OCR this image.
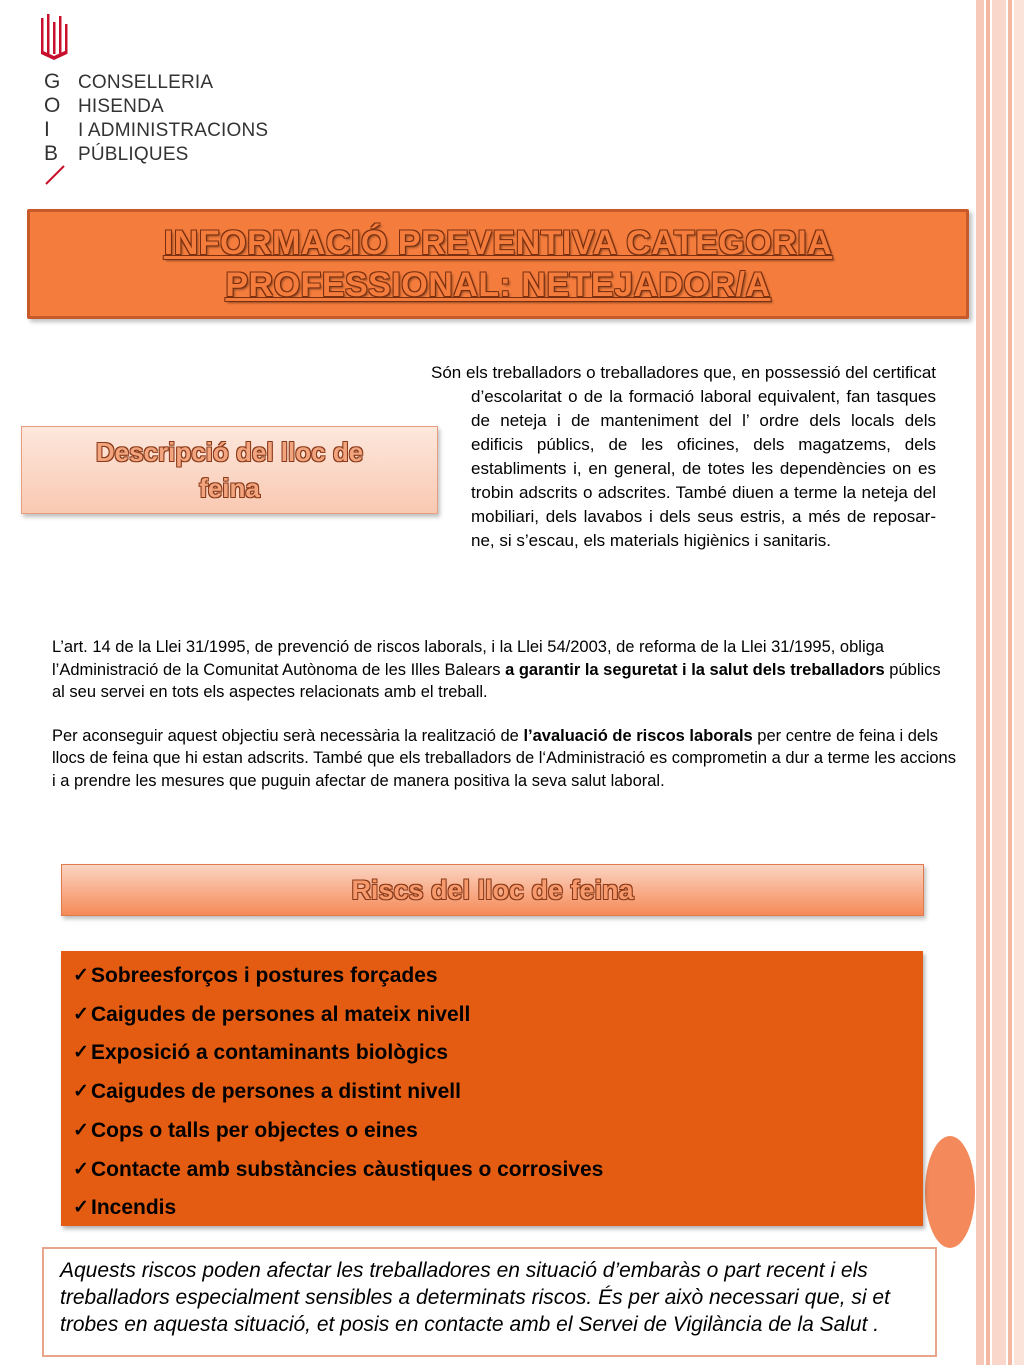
G
O
I
B
CONSELLERIA
HISENDA
I ADMINISTRACIONS
PÚBLIQUES
INFORMACIÓ PREVENTIVA CATEGORIA
PROFESSIONAL: NETEJADOR/A
Descripció del lloc de
feina
Són els treballadors o treballadores que, en possessió del certificat d’escolaritat o de la formació laboral equivalent, fan tasques de neteja i de manteniment del l’ ordre dels locals dels edificis públics, de les oficines, dels magatzems, dels establiments i, en general, de totes les dependències on es trobin adscrits o adscrites. També diuen a terme la neteja del mobiliari, dels lavabos i dels seus estris, a més de reposar-ne, si s’escau, els materials higiènics i sanitaris.

L’art. 14 de la Llei 31/1995, de prevenció de riscos laborals, i la Llei 54/2003, de reforma de la Llei 31/1995, obliga l’Administració de la Comunitat Autònoma de les Illes Balears a garantir la seguretat i la salut dels treballadors públics al seu servei en tots els aspectes relacionats amb el treball.

Per aconseguir aquest objectiu serà necessària la realització de l’avaluació de riscos laborals per centre de feina i dels llocs de feina que hi estan adscrits. També que els treballadors de l‘Administració es comprometin a dur a terme les accions i a prendre les mesures que puguin afectar de manera positiva la seva salut laboral.

Riscs del lloc de feina
✓ Sobreesforços i postures forçades
✓ Caigudes de persones al mateix nivell
✓ Exposició a contaminants biològics
✓ Caigudes de persones a distint nivell
✓ Cops o talls per objectes o eines
✓ Contacte amb substàncies càustiques o corrosives
✓ Incendis
Aquests riscos poden afectar les treballadores en situació d’embaràs o part recent i els treballadors especialment sensibles a determinats riscos. És per això necessari que, si et trobes en aquesta situació, et posis en contacte amb el Servei de Vigilància de la Salut .
